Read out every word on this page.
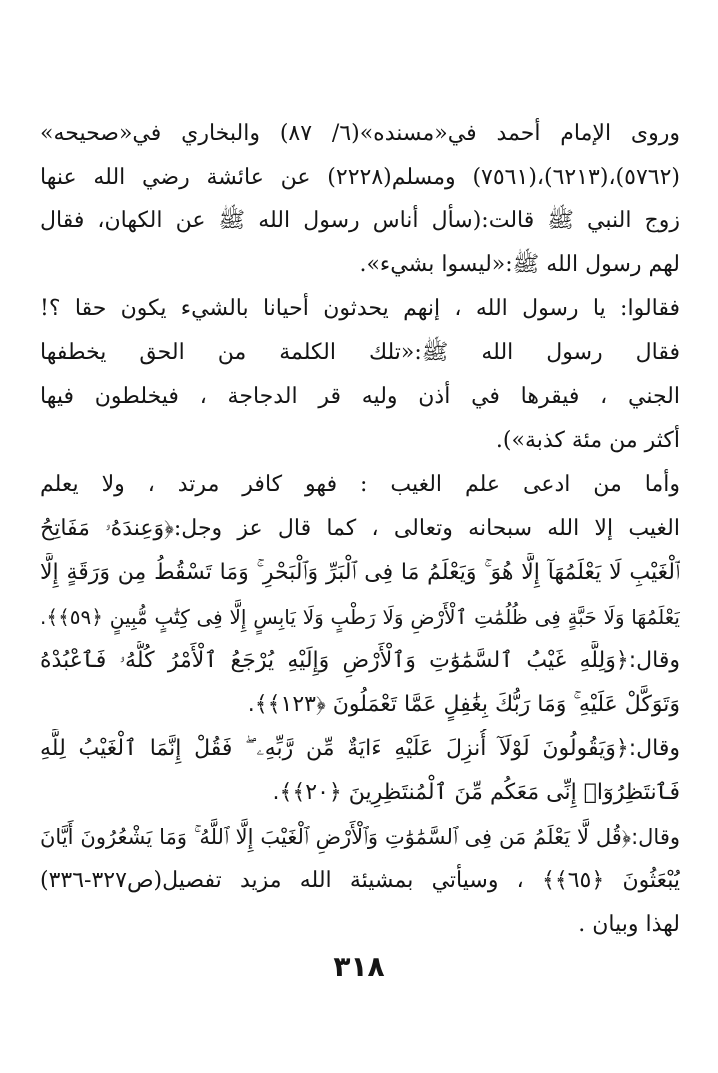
وروى الإمام أحمد في«مسنده»(٦/ ٨٧) والبخاري في«صحيحه»
(٥٧٦٢)،(٦٢١٣)،(٧٥٦١) ومسلم(٢٢٢٨) عن عائشة رضي الله عنها
زوج النبي ﷺ قالت:(سأل أناس رسول الله ﷺ عن الكهان، فقال
لهم رسول الله ﷺ:«ليسوا بشيء».
فقالوا: يا رسول الله ، إنهم يحدثون أحيانا بالشيء يكون حقا ؟!
فقال رسول الله ﷺ:«تلك الكلمة من الحق يخطفها
الجني ، فيقرها في أذن وليه قر الدجاجة ، فيخلطون فيها
أكثر من مئة كذبة»).
وأما من ادعى علم الغيب : فهو كافر مرتد ، ولا يعلم
الغيب إلا الله سبحانه وتعالى ، كما قال عز وجل:﴿وَعِندَهُۥ مَفَاتِحُ
ٱلْغَيْبِ لَا يَعْلَمُهَآ إِلَّا هُوَ ۚ وَيَعْلَمُ مَا فِى ٱلْبَرِّ وَٱلْبَحْرِ ۚ وَمَا تَسْقُطُ مِن وَرَقَةٍ إِلَّا
يَعْلَمُهَا وَلَا حَبَّةٍ فِى ظُلُمَٰتِ ٱلْأَرْضِ وَلَا رَطْبٍ وَلَا يَابِسٍ إِلَّا فِى كِتَٰبٍ مُّبِينٍ ﴿٥٩﴾﴾.
وقال:﴿وَلِلَّهِ غَيْبُ ٱلسَّمَٰوَٰتِ وَٱلْأَرْضِ وَإِلَيْهِ يُرْجَعُ ٱلْأَمْرُ كُلُّهُۥ فَٱعْبُدْهُ
وَتَوَكَّلْ عَلَيْهِ ۚ وَمَا رَبُّكَ بِغَٰفِلٍ عَمَّا تَعْمَلُونَ ﴿١٢٣﴾﴾.
وقال:﴿وَيَقُولُونَ لَوْلَآ أُنزِلَ عَلَيْهِ ءَايَةٌ مِّن رَّبِّهِۦ ۖ فَقُلْ إِنَّمَا ٱلْغَيْبُ لِلَّهِ
فَٱنتَظِرُوٓا۟ إِنِّى مَعَكُم مِّنَ ٱلْمُنتَظِرِينَ ﴿٢٠﴾﴾.
وقال:﴿قُل لَّا يَعْلَمُ مَن فِى ٱلسَّمَٰوَٰتِ وَٱلْأَرْضِ ٱلْغَيْبَ إِلَّا ٱللَّهُ ۚ وَمَا يَشْعُرُونَ أَيَّانَ
يُبْعَثُونَ ﴿٦٥﴾﴾ ، وسيأتي بمشيئة الله مزيد تفصيل(ص٣٢٧-٣٣٦)
لهذا وبيان .
٣١٨
